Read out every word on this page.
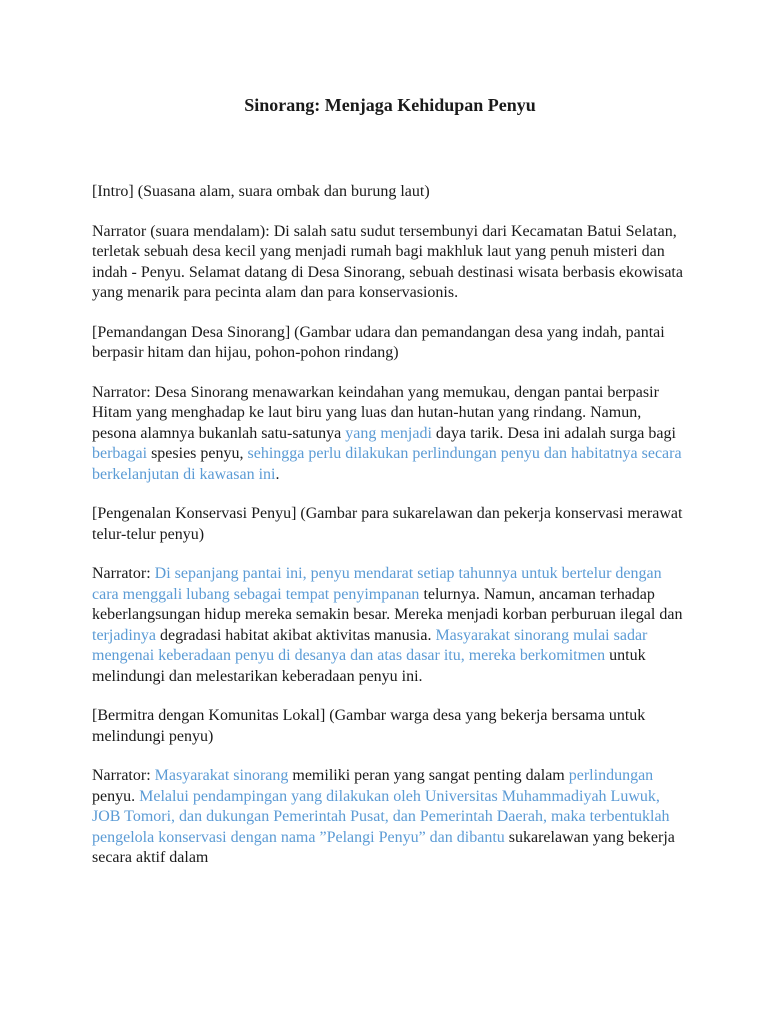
Sinorang: Menjaga Kehidupan Penyu

[Intro] (Suasana alam, suara ombak dan burung laut)

Narrator (suara mendalam): Di salah satu sudut tersembunyi dari Kecamatan Batui Selatan, terletak sebuah desa kecil yang menjadi rumah bagi makhluk laut yang penuh misteri dan indah - Penyu. Selamat datang di Desa Sinorang, sebuah destinasi wisata berbasis ekowisata yang menarik para pecinta alam dan para konservasionis.

[Pemandangan Desa Sinorang] (Gambar udara dan pemandangan desa yang indah, pantai berpasir hitam dan hijau, pohon-pohon rindang)

Narrator: Desa Sinorang menawarkan keindahan yang memukau, dengan pantai berpasir Hitam yang menghadap ke laut biru yang luas dan hutan-hutan yang rindang. Namun, pesona alamnya bukanlah satu-satunya yang menjadi daya tarik. Desa ini adalah surga bagi berbagai spesies penyu, sehingga perlu dilakukan perlindungan penyu dan habitatnya secara berkelanjutan di kawasan ini.

[Pengenalan Konservasi Penyu] (Gambar para sukarelawan dan pekerja konservasi merawat telur-telur penyu)

Narrator: Di sepanjang pantai ini, penyu mendarat setiap tahunnya untuk bertelur dengan cara menggali lubang sebagai tempat penyimpanan telurnya. Namun, ancaman terhadap keberlangsungan hidup mereka semakin besar. Mereka menjadi korban perburuan ilegal dan terjadinya degradasi habitat akibat aktivitas manusia. Masyarakat sinorang mulai sadar mengenai keberadaan penyu di desanya dan atas dasar itu, mereka berkomitmen untuk melindungi dan melestarikan keberadaan penyu ini.

[Bermitra dengan Komunitas Lokal] (Gambar warga desa yang bekerja bersama untuk melindungi penyu)

Narrator: Masyarakat sinorang memiliki peran yang sangat penting dalam perlindungan penyu. Melalui pendampingan yang dilakukan oleh Universitas Muhammadiyah Luwuk, JOB Tomori, dan dukungan Pemerintah Pusat, dan Pemerintah Daerah, maka terbentuklah pengelola konservasi dengan nama ”Pelangi Penyu” dan dibantu sukarelawan yang bekerja secara aktif dalam
